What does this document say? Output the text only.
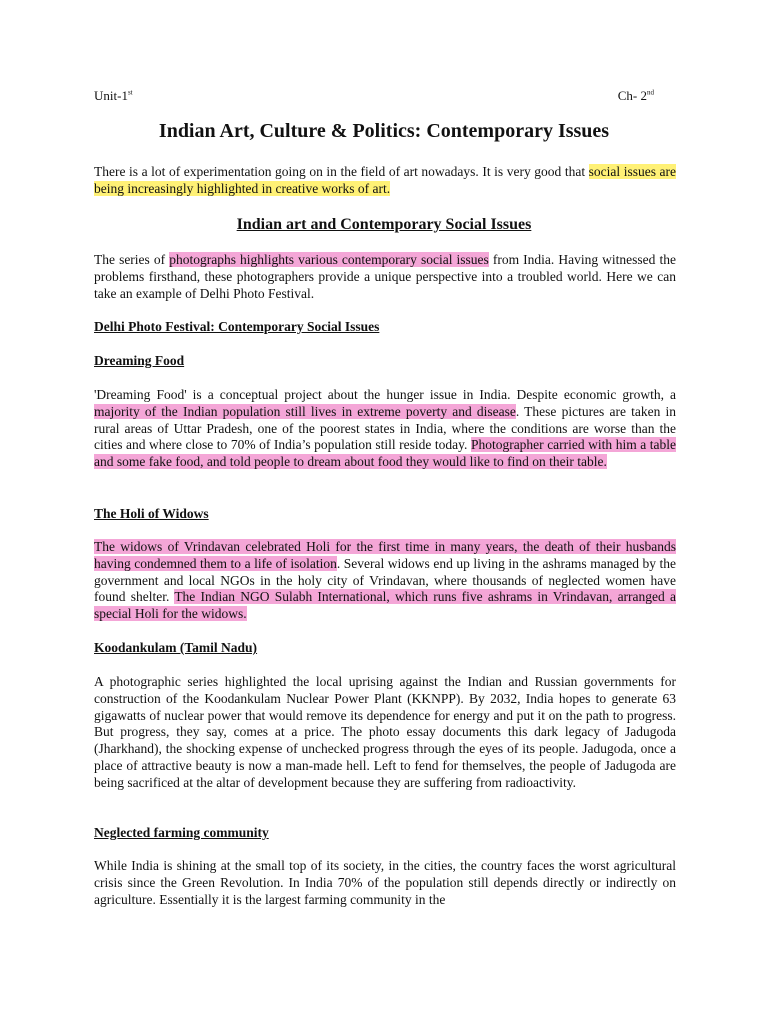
Unit-1st	Ch- 2nd
Indian Art, Culture & Politics: Contemporary Issues
There is a lot of experimentation going on in the field of art nowadays. It is very good that social issues are being increasingly highlighted in creative works of art.
Indian art and Contemporary Social Issues
The series of photographs highlights various contemporary social issues from India. Having witnessed the problems firsthand, these photographers provide a unique perspective into a troubled world. Here we can take an example of Delhi Photo Festival.
Delhi Photo Festival: Contemporary Social Issues
Dreaming Food
'Dreaming Food' is a conceptual project about the hunger issue in India. Despite economic growth, a majority of the Indian population still lives in extreme poverty and disease. These pictures are taken in rural areas of Uttar Pradesh, one of the poorest states in India, where the conditions are worse than the cities and where close to 70% of India’s population still reside today. Photographer carried with him a table and some fake food, and told people to dream about food they would like to find on their table.
The Holi of Widows
The widows of Vrindavan celebrated Holi for the first time in many years, the death of their husbands having condemned them to a life of isolation. Several widows end up living in the ashrams managed by the government and local NGOs in the holy city of Vrindavan, where thousands of neglected women have found shelter. The Indian NGO Sulabh International, which runs five ashrams in Vrindavan, arranged a special Holi for the widows.
Koodankulam (Tamil Nadu)
A photographic series highlighted the local uprising against the Indian and Russian governments for construction of the Koodankulam Nuclear Power Plant (KKNPP). By 2032, India hopes to generate 63 gigawatts of nuclear power that would remove its dependence for energy and put it on the path to progress. But progress, they say, comes at a price. The photo essay documents this dark legacy of Jadugoda (Jharkhand), the shocking expense of unchecked progress through the eyes of its people. Jadugoda, once a place of attractive beauty is now a man-made hell. Left to fend for themselves, the people of Jadugoda are being sacrificed at the altar of development because they are suffering from radioactivity.
Neglected farming community
While India is shining at the small top of its society, in the cities, the country faces the worst agricultural crisis since the Green Revolution. In India 70% of the population still depends directly or indirectly on agriculture. Essentially it is the largest farming community in the
